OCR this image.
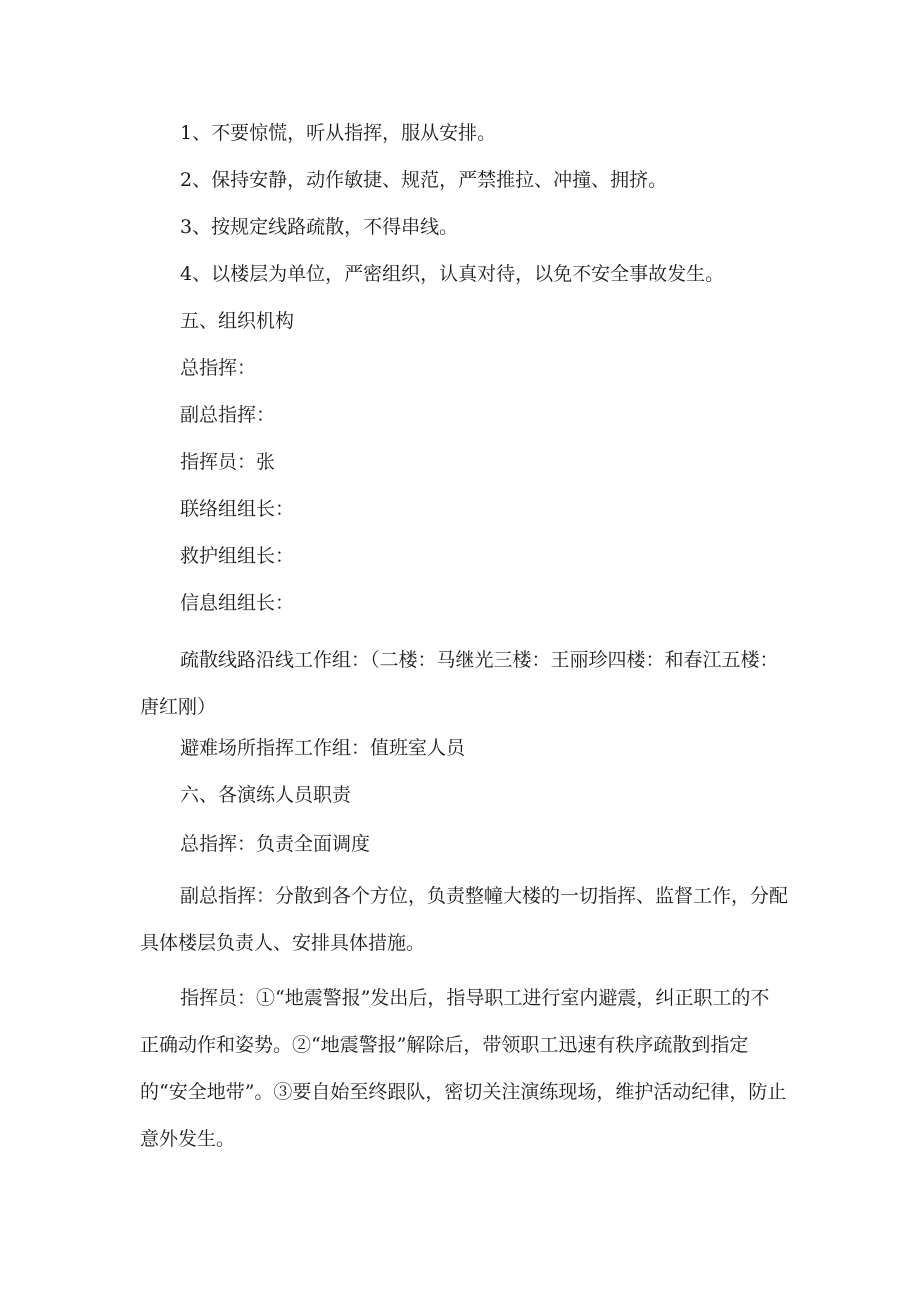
1、不要惊慌，听从指挥，服从安排。
2、保持安静，动作敏捷、规范，严禁推拉、冲撞、拥挤。
3、按规定线路疏散，不得串线。
4、以楼层为单位，严密组织，认真对待，以免不安全事故发生。
五、组织机构
总指挥：
副总指挥：
指挥员：张
联络组组长：
救护组组长：
信息组组长：
疏散线路沿线工作组：（二楼：马继光三楼：王丽珍四楼：和春江五楼：唐红刚）
避难场所指挥工作组：值班室人员
六、各演练人员职责
总指挥：负责全面调度
副总指挥：分散到各个方位，负责整幢大楼的一切指挥、监督工作，分配具体楼层负责人、安排具体措施。
指挥员：①“地震警报”发出后，指导职工进行室内避震，纠正职工的不正确动作和姿势。②“地震警报”解除后，带领职工迅速有秩序疏散到指定的“安全地带”。③要自始至终跟队，密切关注演练现场，维护活动纪律，防止意外发生。
